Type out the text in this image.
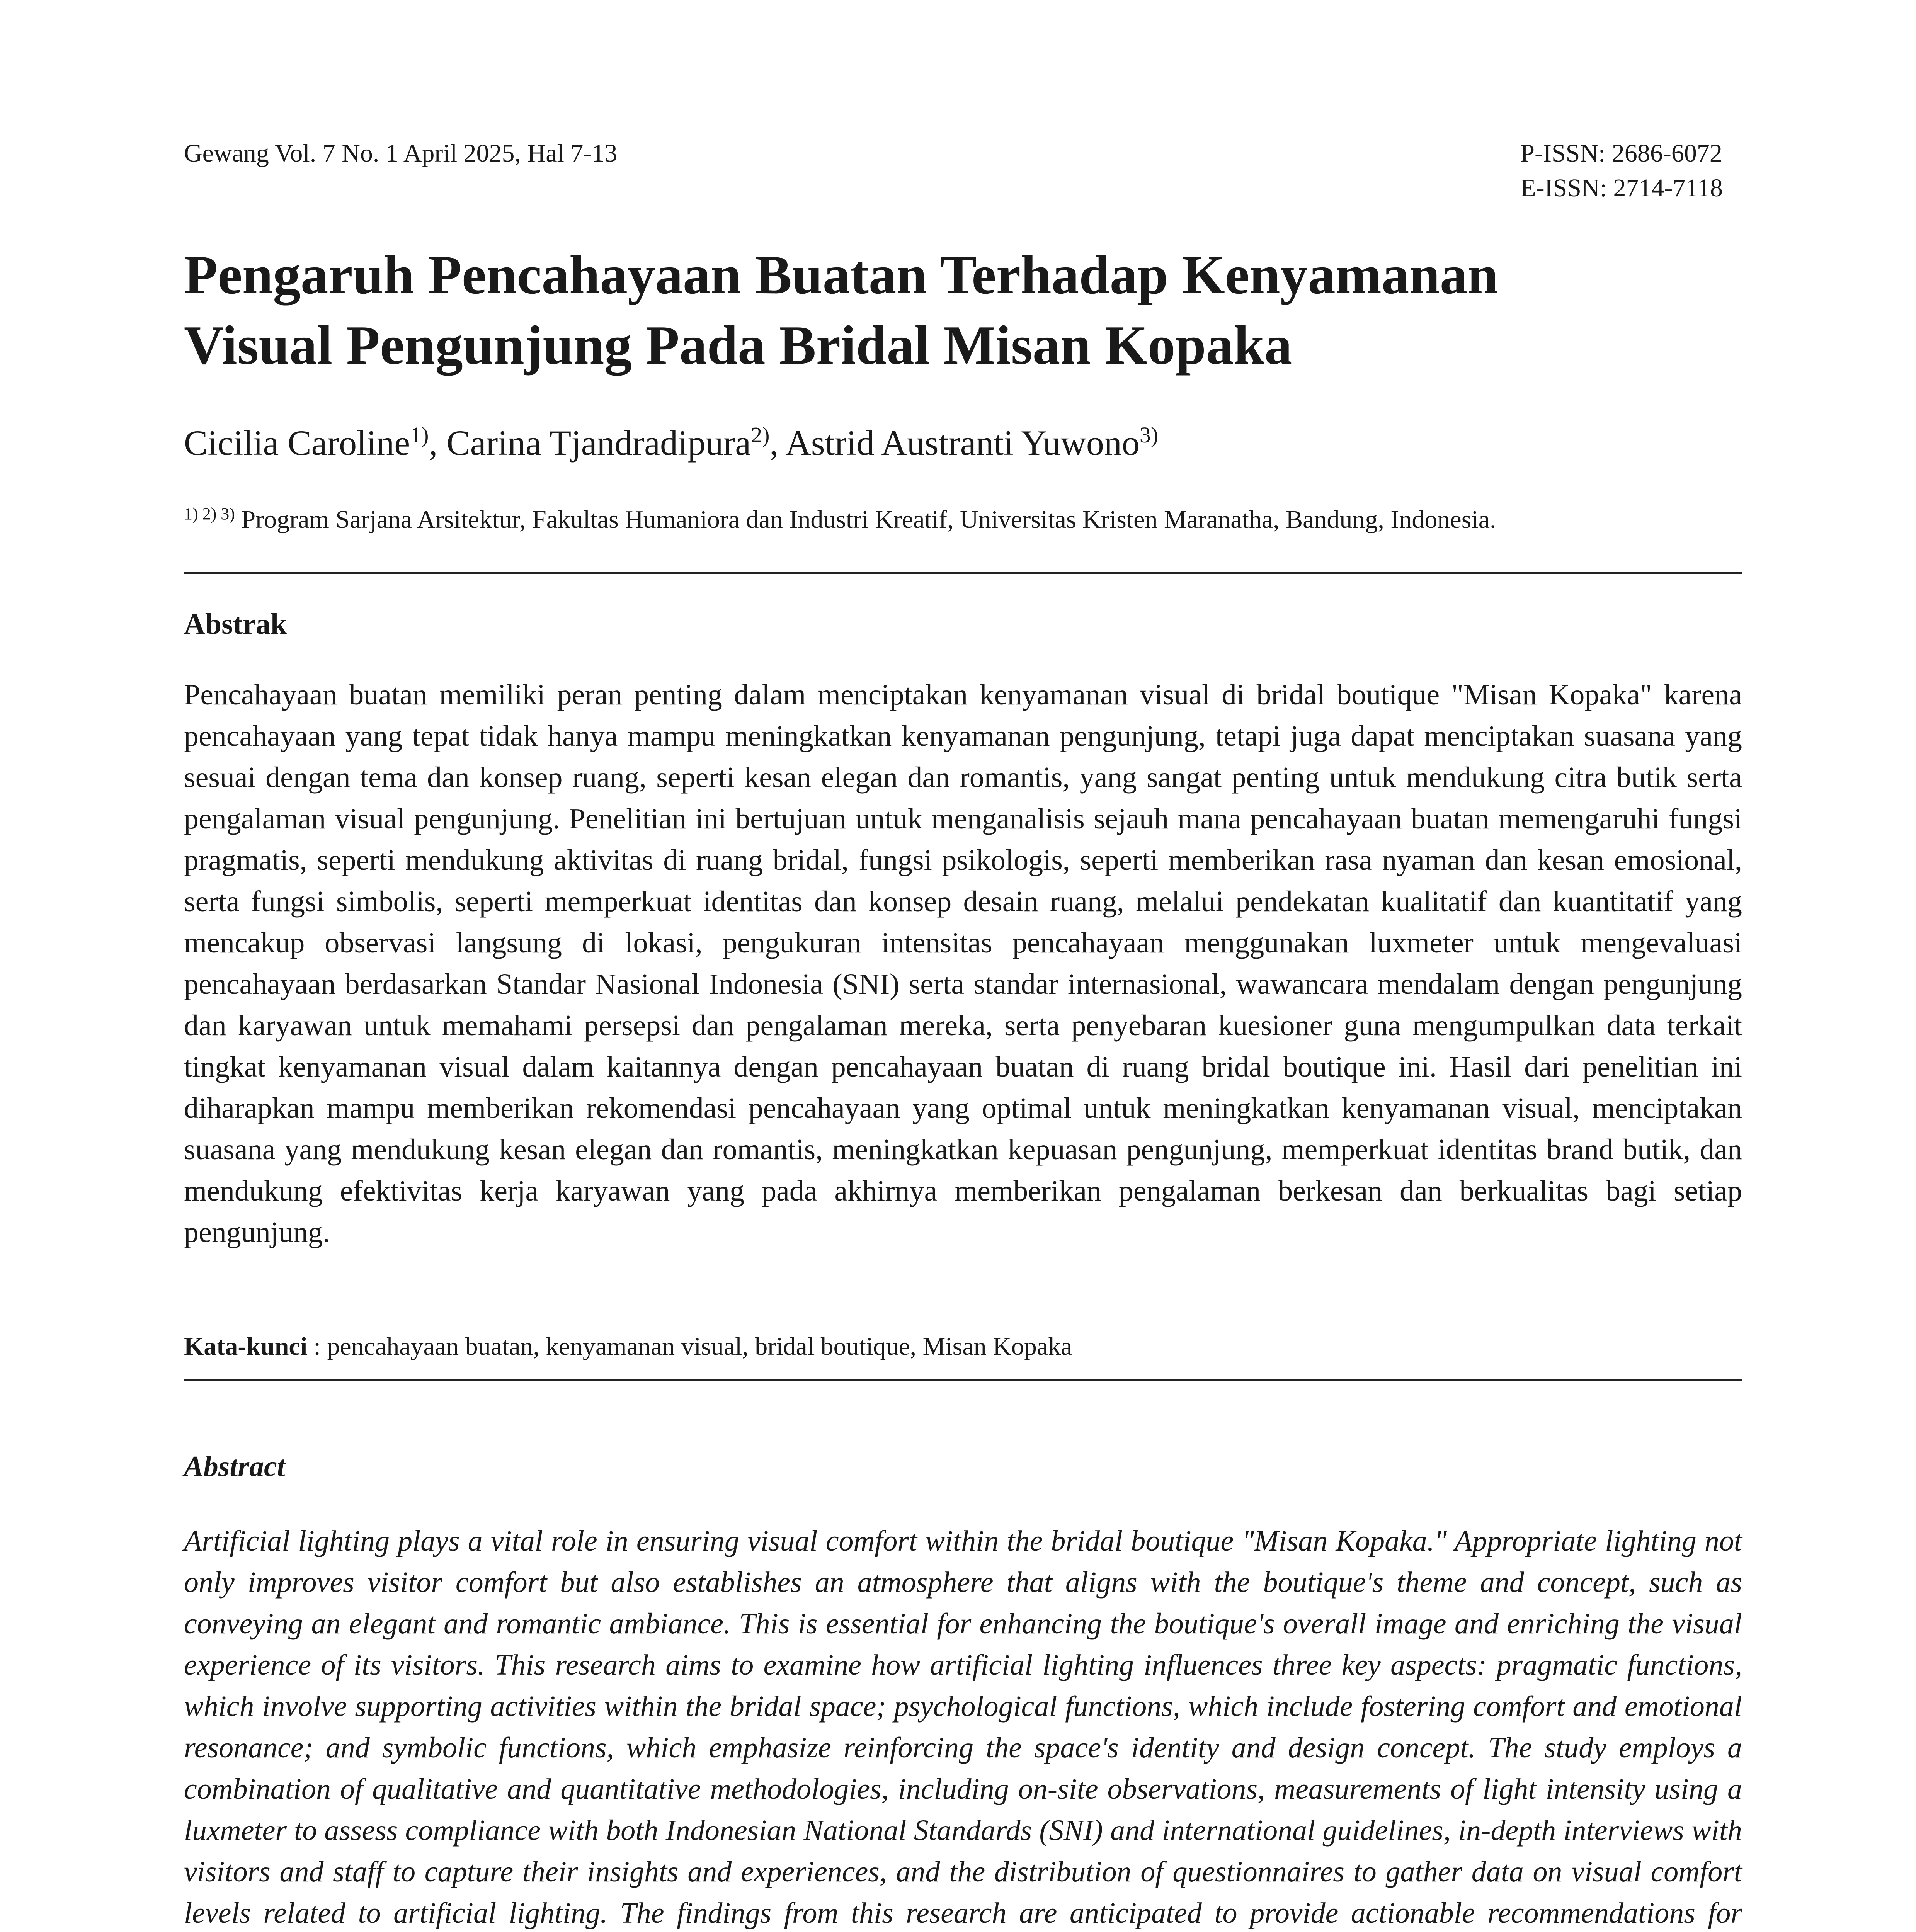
Gewang Vol. 7 No. 1 April 2025, Hal 7-13	P-ISSN: 2686-6072
E-ISSN: 2714-7118
Pengaruh Pencahayaan Buatan Terhadap Kenyamanan
Visual Pengunjung Pada Bridal Misan Kopaka
Cicilia Caroline$^{1)}$, Carina Tjandradipura$^{2)}$, Astrid Austranti Yuwono$^{3)}$
$^{1) 2) 3)}$ Program Sarjana Arsitektur, Fakultas Humaniora dan Industri Kreatif, Universitas Kristen Maranatha, Bandung, Indonesia.
Abstrak

Pencahayaan buatan memiliki peran penting dalam menciptakan kenyamanan visual di bridal boutique "Misan Kopaka" karena pencahayaan yang tepat tidak hanya mampu meningkatkan kenyamanan pengunjung, tetapi juga dapat menciptakan suasana yang sesuai dengan tema dan konsep ruang, seperti kesan elegan dan romantis, yang sangat penting untuk mendukung citra butik serta pengalaman visual pengunjung. Penelitian ini bertujuan untuk menganalisis sejauh mana pencahayaan buatan memengaruhi fungsi pragmatis, seperti mendukung aktivitas di ruang bridal, fungsi psikologis, seperti memberikan rasa nyaman dan kesan emosional, serta fungsi simbolis, seperti memperkuat identitas dan konsep desain ruang, melalui pendekatan kualitatif dan kuantitatif yang mencakup observasi langsung di lokasi, pengukuran intensitas pencahayaan menggunakan luxmeter untuk mengevaluasi pencahayaan berdasarkan Standar Nasional Indonesia (SNI) serta standar internasional, wawancara mendalam dengan pengunjung dan karyawan untuk memahami persepsi dan pengalaman mereka, serta penyebaran kuesioner guna mengumpulkan data terkait tingkat kenyamanan visual dalam kaitannya dengan pencahayaan buatan di ruang bridal boutique ini. Hasil dari penelitian ini diharapkan mampu memberikan rekomendasi pencahayaan yang optimal untuk meningkatkan kenyamanan visual, menciptakan suasana yang mendukung kesan elegan dan romantis, meningkatkan kepuasan pengunjung, memperkuat identitas brand butik, dan mendukung efektivitas kerja karyawan yang pada akhirnya memberikan pengalaman berkesan dan berkualitas bagi setiap pengunjung.

Kata-kunci : pencahayaan buatan, kenyamanan visual, bridal boutique, Misan Kopaka

Abstract

Artificial lighting plays a vital role in ensuring visual comfort within the bridal boutique "Misan Kopaka." Appropriate lighting not only improves visitor comfort but also establishes an atmosphere that aligns with the boutique's theme and concept, such as conveying an elegant and romantic ambiance. This is essential for enhancing the boutique's overall image and enriching the visual experience of its visitors. This research aims to examine how artificial lighting influences three key aspects: pragmatic functions, which involve supporting activities within the bridal space; psychological functions, which include fostering comfort and emotional resonance; and symbolic functions, which emphasize reinforcing the space's identity and design concept. The study employs a combination of qualitative and quantitative methodologies, including on-site observations, measurements of light intensity using a luxmeter to assess compliance with both Indonesian National Standards (SNI) and international guidelines, in-depth interviews with visitors and staff to capture their insights and experiences, and the distribution of questionnaires to gather data on visual comfort levels related to artificial lighting. The findings from this research are anticipated to provide actionable recommendations for
